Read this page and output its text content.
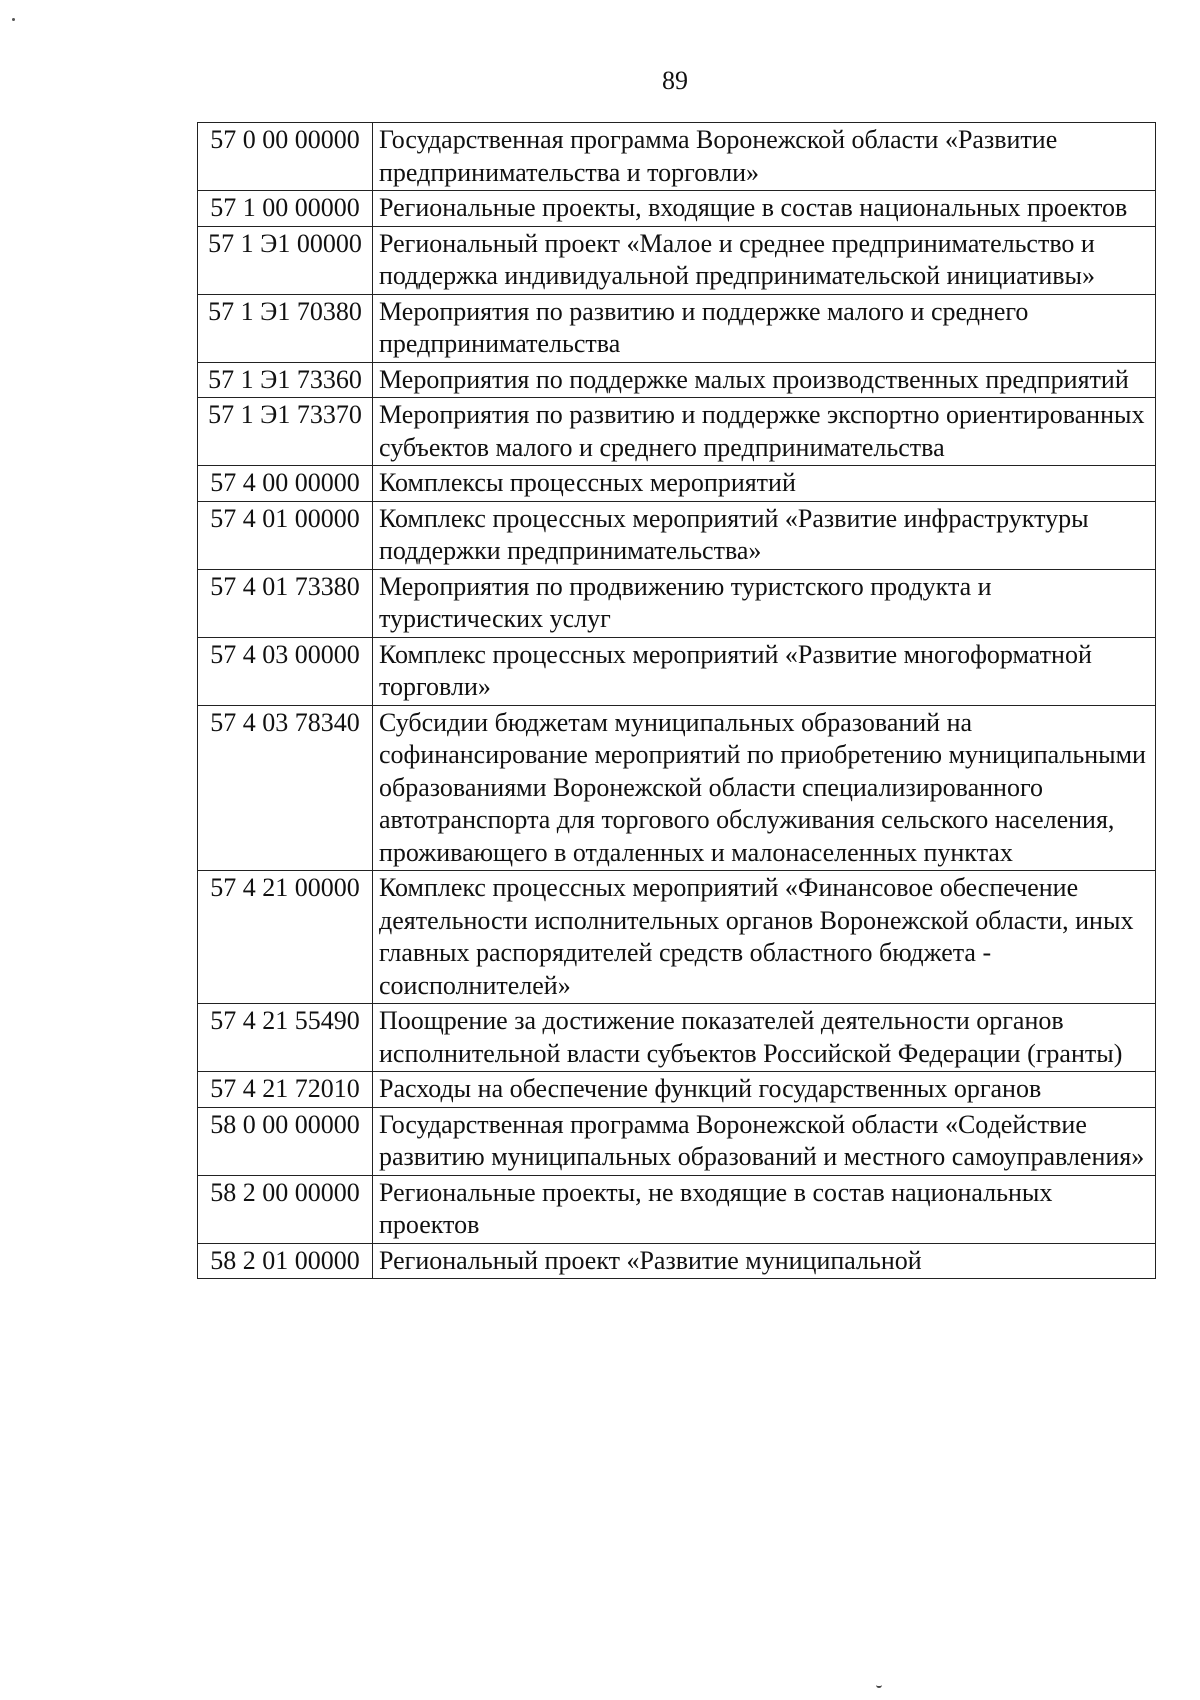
89
57 0 00 00000	Государственная программа Воронежской области «Развитие предпринимательства и торговли»
57 1 00 00000	Региональные проекты, входящие в состав национальных проектов
57 1 Э1 00000	Региональный проект «Малое и среднее предпринимательство и поддержка индивидуальной предпринимательской инициативы»
57 1 Э1 70380	Мероприятия по развитию и поддержке малого и среднего предпринимательства
57 1 Э1 73360	Мероприятия по поддержке малых производственных предприятий
57 1 Э1 73370	Мероприятия по развитию и поддержке экспортно ориентированных субъектов малого и среднего предпринимательства
57 4 00 00000	Комплексы процессных мероприятий
57 4 01 00000	Комплекс процессных мероприятий «Развитие инфраструктуры поддержки предпринимательства»
57 4 01 73380	Мероприятия по продвижению туристского продукта и туристических услуг
57 4 03 00000	Комплекс процессных мероприятий «Развитие многоформатной торговли»
57 4 03 78340	Субсидии бюджетам муниципальных образований на софинансирование мероприятий по приобретению муниципальными образованиями Воронежской области специализированного автотранспорта для торгового обслуживания сельского населения, проживающего в отдаленных и малонаселенных пунктах
57 4 21 00000	Комплекс процессных мероприятий «Финансовое обеспечение деятельности исполнительных органов Воронежской области, иных главных распорядителей средств областного бюджета - соисполнителей»
57 4 21 55490	Поощрение за достижение показателей деятельности органов исполнительной власти субъектов Российской Федерации (гранты)
57 4 21 72010	Расходы на обеспечение функций государственных органов
58 0 00 00000	Государственная программа Воронежской области «Содействие развитию муниципальных образований и местного самоуправления»
58 2 00 00000	Региональные проекты, не входящие в состав национальных проектов
58 2 01 00000	Региональный проект «Развитие муниципальной
